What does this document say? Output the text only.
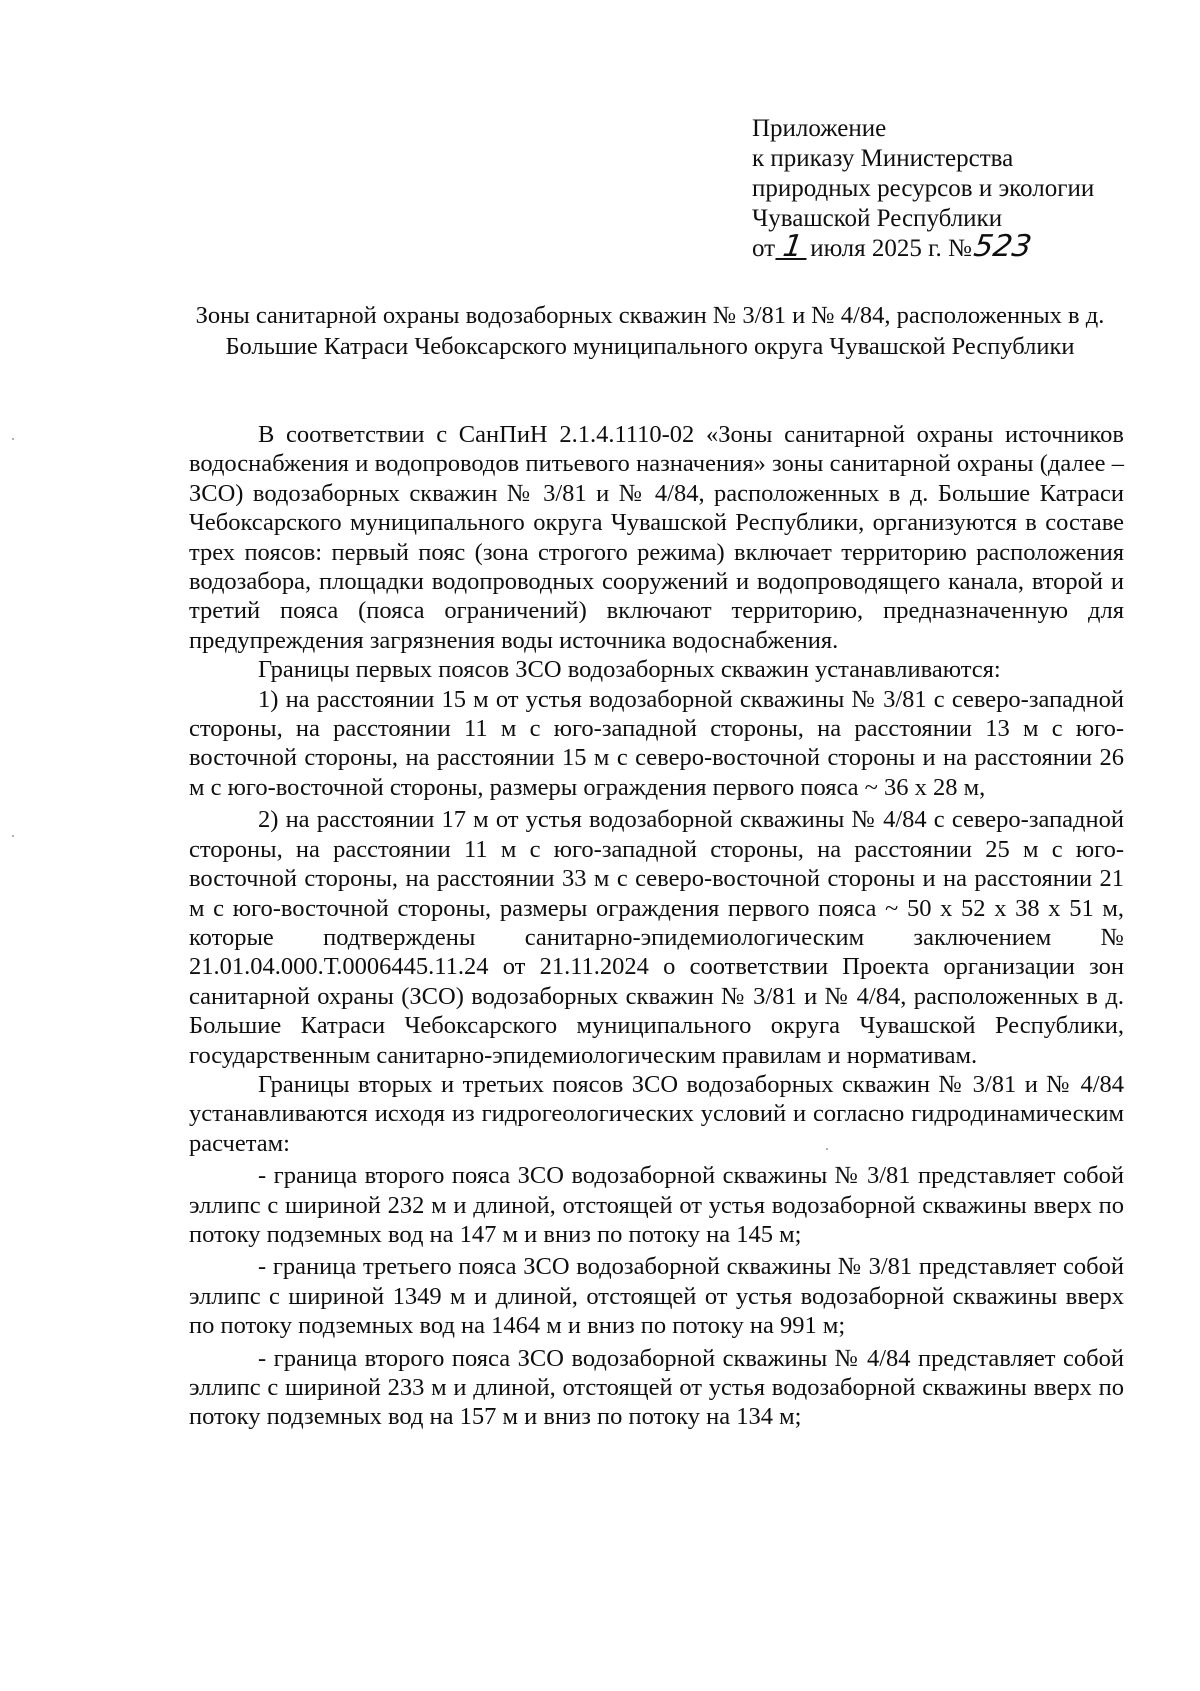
Приложение
к приказу Министерства
природных ресурсов и экологии
Чувашской Республики
от 1 июля 2025 г. №523
Зоны санитарной охраны водозаборных скважин № 3/81 и № 4/84, расположенных в д. Большие Катраси Чебоксарского муниципального округа Чувашской Республики

В соответствии с СанПиН 2.1.4.1110-02 «Зоны санитарной охраны источников водоснабжения и водопроводов питьевого назначения» зоны санитарной охраны (далее – ЗСО) водозаборных скважин № 3/81 и № 4/84, расположенных в д. Большие Катраси Чебоксарского муниципального округа Чувашской Республики, организуются в составе трех поясов: первый пояс (зона строгого режима) включает территорию расположения водозабора, площадки водопроводных сооружений и водопроводящего канала, второй и третий пояса (пояса ограничений) включают территорию, предназначенную для предупреждения загрязнения воды источника водоснабжения.

Границы первых поясов ЗСО водозаборных скважин устанавливаются:

1) на расстоянии 15 м от устья водозаборной скважины № 3/81 с северо-западной стороны, на расстоянии 11 м с юго-западной стороны, на расстоянии 13 м с юго-восточной стороны, на расстоянии 15 м с северо-восточной стороны и на расстоянии 26 м с юго-восточной стороны, размеры ограждения первого пояса ~ 36 х 28 м,

2) на расстоянии 17 м от устья водозаборной скважины № 4/84 с северо-западной стороны, на расстоянии 11 м с юго-западной стороны, на расстоянии 25 м с юго-восточной стороны, на расстоянии 33 м с северо-восточной стороны и на расстоянии 21 м с юго-восточной стороны, размеры ограждения первого пояса ~ 50 х 52 х 38 х 51 м, которые подтверждены санитарно-эпидемиологическим заключением № 21.01.04.000.Т.0006445.11.24 от 21.11.2024 о соответствии Проекта организации зон санитарной охраны (ЗСО) водозаборных скважин № 3/81 и № 4/84, расположенных в д. Большие Катраси Чебоксарского муниципального округа Чувашской Республики, государственным санитарно-эпидемиологическим правилам и нормативам.

Границы вторых и третьих поясов ЗСО водозаборных скважин № 3/81 и № 4/84 устанавливаются исходя из гидрогеологических условий и согласно гидродинамическим расчетам:

- граница второго пояса ЗСО водозаборной скважины № 3/81 представляет собой эллипс с шириной 232 м и длиной, отстоящей от устья водозаборной скважины вверх по потоку подземных вод на 147 м и вниз по потоку на 145 м;

- граница третьего пояса ЗСО водозаборной скважины № 3/81 представляет собой эллипс с шириной 1349 м и длиной, отстоящей от устья водозаборной скважины вверх по потоку подземных вод на 1464 м и вниз по потоку на 991 м;

- граница второго пояса ЗСО водозаборной скважины № 4/84 представляет собой эллипс с шириной 233 м и длиной, отстоящей от устья водозаборной скважины вверх по потоку подземных вод на 157 м и вниз по потоку на 134 м;
